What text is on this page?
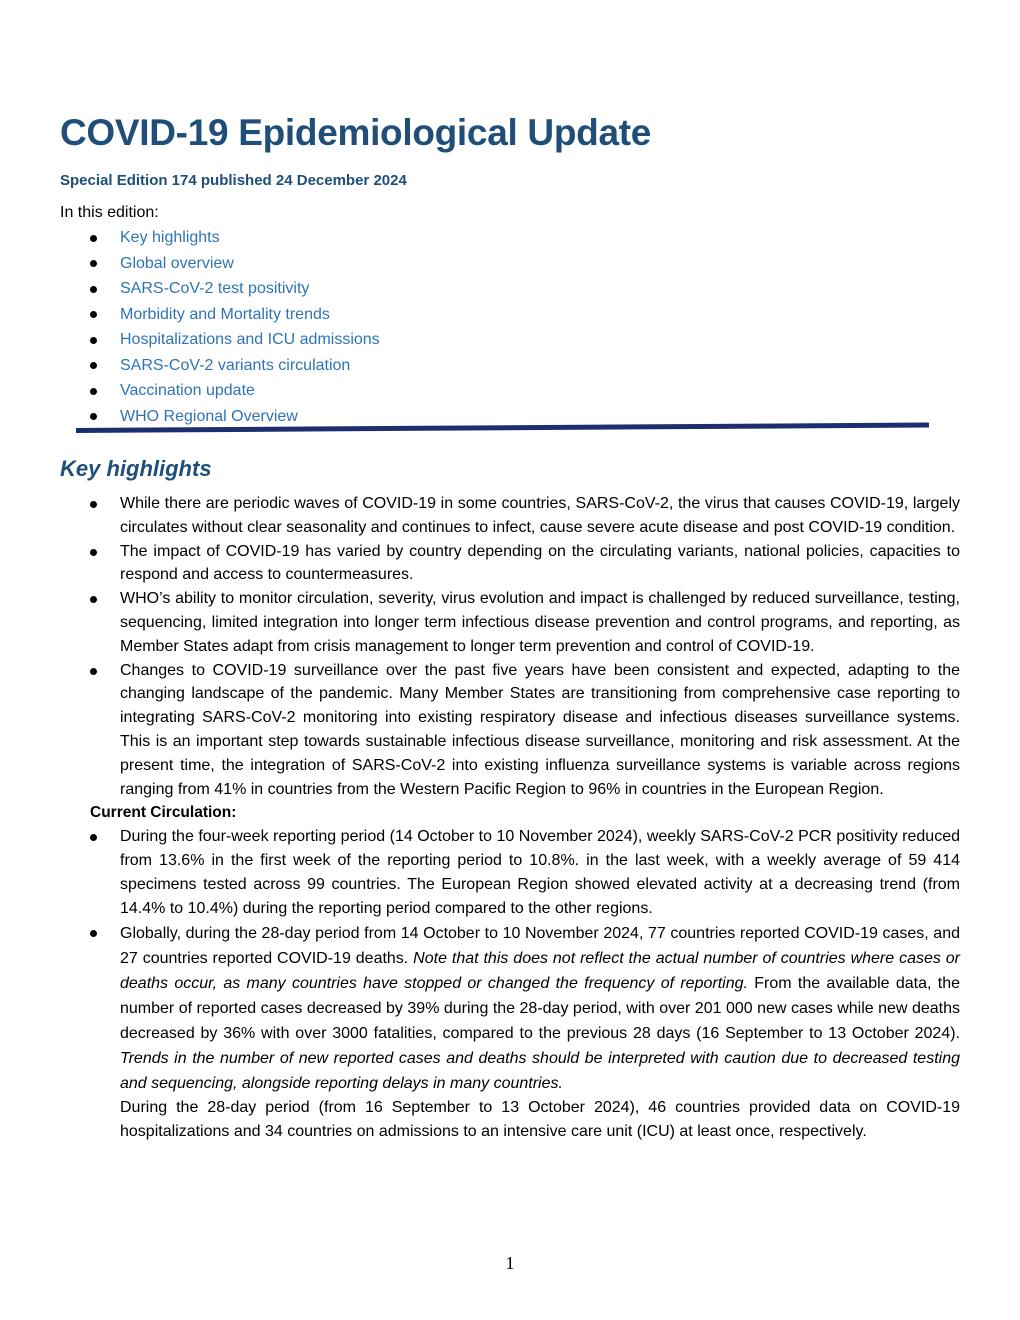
COVID-19 Epidemiological Update
Special Edition 174 published 24 December 2024
In this edition:
Key highlights
Global overview
SARS-CoV-2 test positivity
Morbidity and Mortality trends
Hospitalizations and ICU admissions
SARS-CoV-2 variants circulation
Vaccination update
WHO Regional Overview
Key highlights
While there are periodic waves of COVID-19 in some countries, SARS-CoV-2, the virus that causes COVID-19, largely circulates without clear seasonality and continues to infect, cause severe acute disease and post COVID-19 condition.
The impact of COVID-19 has varied by country depending on the circulating variants, national policies, capacities to respond and access to countermeasures.
WHO’s ability to monitor circulation, severity, virus evolution and impact is challenged by reduced surveillance, testing, sequencing, limited integration into longer term infectious disease prevention and control programs, and reporting, as Member States adapt from crisis management to longer term prevention and control of COVID-19.
Changes to COVID-19 surveillance over the past five years have been consistent and expected, adapting to the changing landscape of the pandemic. Many Member States are transitioning from comprehensive case reporting to integrating SARS-CoV-2 monitoring into existing respiratory disease and infectious diseases surveillance systems. This is an important step towards sustainable infectious disease surveillance, monitoring and risk assessment. At the present time, the integration of SARS-CoV-2 into existing influenza surveillance systems is variable across regions ranging from 41% in countries from the Western Pacific Region to 96% in countries in the European Region.
Current Circulation:
During the four-week reporting period (14 October to 10 November 2024), weekly SARS-CoV-2 PCR positivity reduced from 13.6% in the first week of the reporting period to 10.8%. in the last week, with a weekly average of 59 414 specimens tested across 99 countries. The European Region showed elevated activity at a decreasing trend (from 14.4% to 10.4%) during the reporting period compared to the other regions.
Globally, during the 28-day period from 14 October to 10 November 2024, 77 countries reported COVID-19 cases, and 27 countries reported COVID-19 deaths. Note that this does not reflect the actual number of countries where cases or deaths occur, as many countries have stopped or changed the frequency of reporting. From the available data, the number of reported cases decreased by 39% during the 28-day period, with over 201 000 new cases while new deaths decreased by 36% with over 3000 fatalities, compared to the previous 28 days (16 September to 13 October 2024). Trends in the number of new reported cases and deaths should be interpreted with caution due to decreased testing and sequencing, alongside reporting delays in many countries.
During the 28-day period (from 16 September to 13 October 2024), 46 countries provided data on COVID-19 hospitalizations and 34 countries on admissions to an intensive care unit (ICU) at least once, respectively.
1
